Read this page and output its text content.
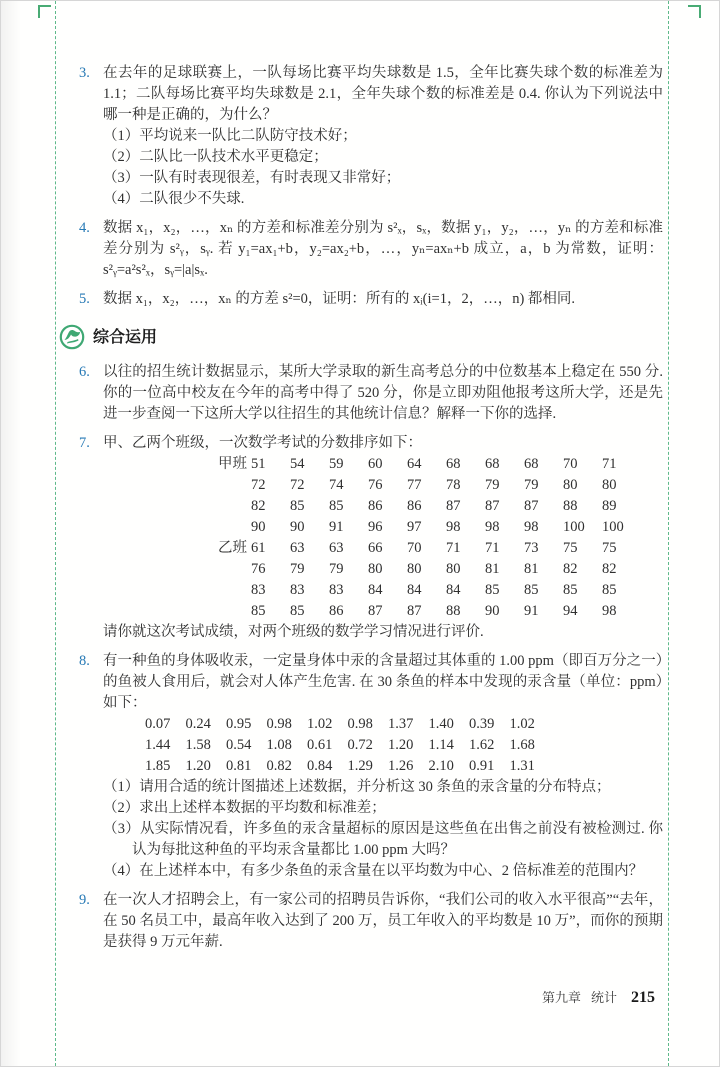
3. 在去年的足球联赛上，一队每场比赛平均失球数是 1.5，全年比赛失球个数的标准差为 1.1；二队每场比赛平均失球数是 2.1，全年失球个数的标准差是 0.4. 你认为下列说法中哪一种是正确的，为什么？

（1）平均说来一队比二队防守技术好；

（2）二队比一队技术水平更稳定；

（3）一队有时表现很差，有时表现又非常好；

（4）二队很少不失球.

4. 数据 x₁，x₂，…，xₙ 的方差和标准差分别为 s²ₓ，sₓ，数据 y₁，y₂，…，yₙ 的方差和标准差分别为 s²ᵧ，sᵧ. 若 y₁=ax₁+b，y₂=ax₂+b，…，yₙ=axₙ+b 成立，a，b 为常数，证明：s²ᵧ=a²s²ₓ，sᵧ=|a|sₓ.

5. 数据 x₁，x₂，…，xₙ 的方差 s²=0，证明：所有的 xᵢ(i=1，2，…，n) 都相同.

综合运用
6. 以往的招生统计数据显示，某所大学录取的新生高考总分的中位数基本上稳定在 550 分. 你的一位高中校友在今年的高考中得了 520 分，你是立即劝阻他报考这所大学，还是先进一步查阅一下这所大学以往招生的其他统计信息？解释一下你的选择.

7. 甲、乙两个班级，一次数学考试的分数排序如下：

甲班 51 54 59 60 64 68 68 68 70 71
72 72 74 76 77 78 79 79 80 80
82 85 85 86 86 87 87 87 88 89
90 90 91 96 97 98 98 98 100 100
乙班 61 63 63 66 70 71 71 73 75 75
76 79 79 80 80 80 81 81 82 82
83 83 83 84 84 84 85 85 85 85
85 85 86 87 87 88 90 91 94 98

请你就这次考试成绩，对两个班级的数学学习情况进行评价.

8. 有一种鱼的身体吸收汞，一定量身体中汞的含量超过其体重的 1.00 ppm（即百万分之一）的鱼被人食用后，就会对人体产生危害. 在 30 条鱼的样本中发现的汞含量（单位：ppm）如下：

0.07 0.24 0.95 0.98 1.02 0.98 1.37 1.40 0.39 1.02
1.44 1.58 0.54 1.08 0.61 0.72 1.20 1.14 1.62 1.68
1.85 1.20 0.81 0.82 0.84 1.29 1.26 2.10 0.91 1.31

（1）请用合适的统计图描述上述数据，并分析这 30 条鱼的汞含量的分布特点；

（2）求出上述样本数据的平均数和标准差；

（3）从实际情况看，许多鱼的汞含量超标的原因是这些鱼在出售之前没有被检测过. 你认为每批这种鱼的平均汞含量都比 1.00 ppm 大吗？

（4）在上述样本中，有多少条鱼的汞含量在以平均数为中心、2 倍标准差的范围内？

9. 在一次人才招聘会上，有一家公司的招聘员告诉你，“我们公司的收入水平很高”“去年，在 50 名员工中，最高年收入达到了 200 万，员工年收入的平均数是 10 万”，而你的预期是获得 9 万元年薪.

第九章 统计 215
